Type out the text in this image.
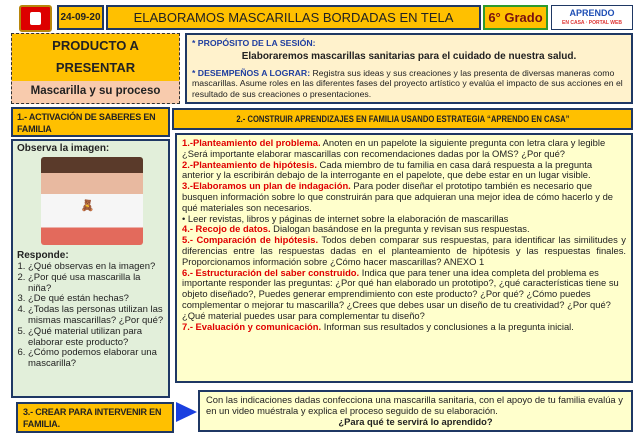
24-09-20	ELABORAMOS MASCARILLAS BORDADAS EN TELA	6° Grado	APRENDO
EN CASA · PORTAL WEB
PRODUCTO A
PRESENTAR
Mascarilla y su proceso
* PROPÓSITO DE LA SESIÓN:
Elaboraremos mascarillas sanitarias para el cuidado de nuestra salud.
* DESEMPEÑOS A LOGRAR: Registra sus ideas y sus creaciones y las presenta de diversas maneras como mascarillas. Asume roles en las diferentes fases del proyecto artístico y evalúa el impacto de sus acciones en el resultado de sus creaciones o presentaciones.
1.- ACTIVACIÓN DE SABERES EN FAMILIA
2.- CONSTRUIR APRENDIZAJES EN FAMILIA USANDO ESTRATEGIA “APRENDO EN CASA”
Observa la imagen:
🧸
Responde:
1. ¿Qué observas en la imagen?
2. ¿Por qué usa mascarilla la niña?
3. ¿De qué están hechas?
4. ¿Todas las personas utilizan las mismas mascarillas? ¿Por qué?
5. ¿Qué material utilizan para elaborar este producto?
6. ¿Cómo podemos elaborar una mascarilla?
1.-Planteamiento del problema. Anoten en un papelote la siguiente pregunta con letra clara y legible ¿Será importante elaborar mascarillas con recomendaciones dadas por la OMS? ¿Por qué?
2.-Planteamiento de hipótesis. Cada miembro de tu familia en casa dará respuesta a la pregunta anterior y la escribirán debajo de la interrogante en el papelote, que debe estar en un lugar visible.
3.-Elaboramos un plan de indagación. Para poder diseñar el prototipo también es necesario que busquen información sobre lo que construirán para que adquieran una mejor idea de cómo hacerlo y de qué materiales son necesarios.
• Leer revistas, libros y páginas de internet sobre la elaboración de mascarillas
4.- Recojo de datos. Dialogan basándose en la pregunta y revisan sus respuestas.
5.- Comparación de hipótesis. Todos deben comparar sus respuestas, para identificar las similitudes y diferencias entre las respuestas dadas en el planteamiento de hipótesis y las respuestas finales. Proporcionamos información sobre ¿Cómo hacer mascarillas? ANEXO 1
6.- Estructuración del saber construido. Indica que para tener una idea completa del problema es importante responder las preguntas: ¿Por qué han elaborado un prototipo?, ¿qué características tiene su objeto diseñado?, Puedes generar emprendimiento con este producto? ¿Por qué? ¿Cómo puedes complementar o mejorar tu mascarilla? ¿Crees que debes usar un diseño de tu creatividad? ¿Por qué?
¿Qué material puedes usar para complementar tu diseño?
7.- Evaluación y comunicación. Informan sus resultados y conclusiones a la pregunta inicial.
3.- CREAR PARA INTERVENIR EN FAMILIA.
Con las indicaciones dadas confecciona una mascarilla sanitaria, con el apoyo de tu familia evalúa y en un video muéstrala y explica el proceso seguido de su elaboración.
¿Para qué te servirá lo aprendido?
